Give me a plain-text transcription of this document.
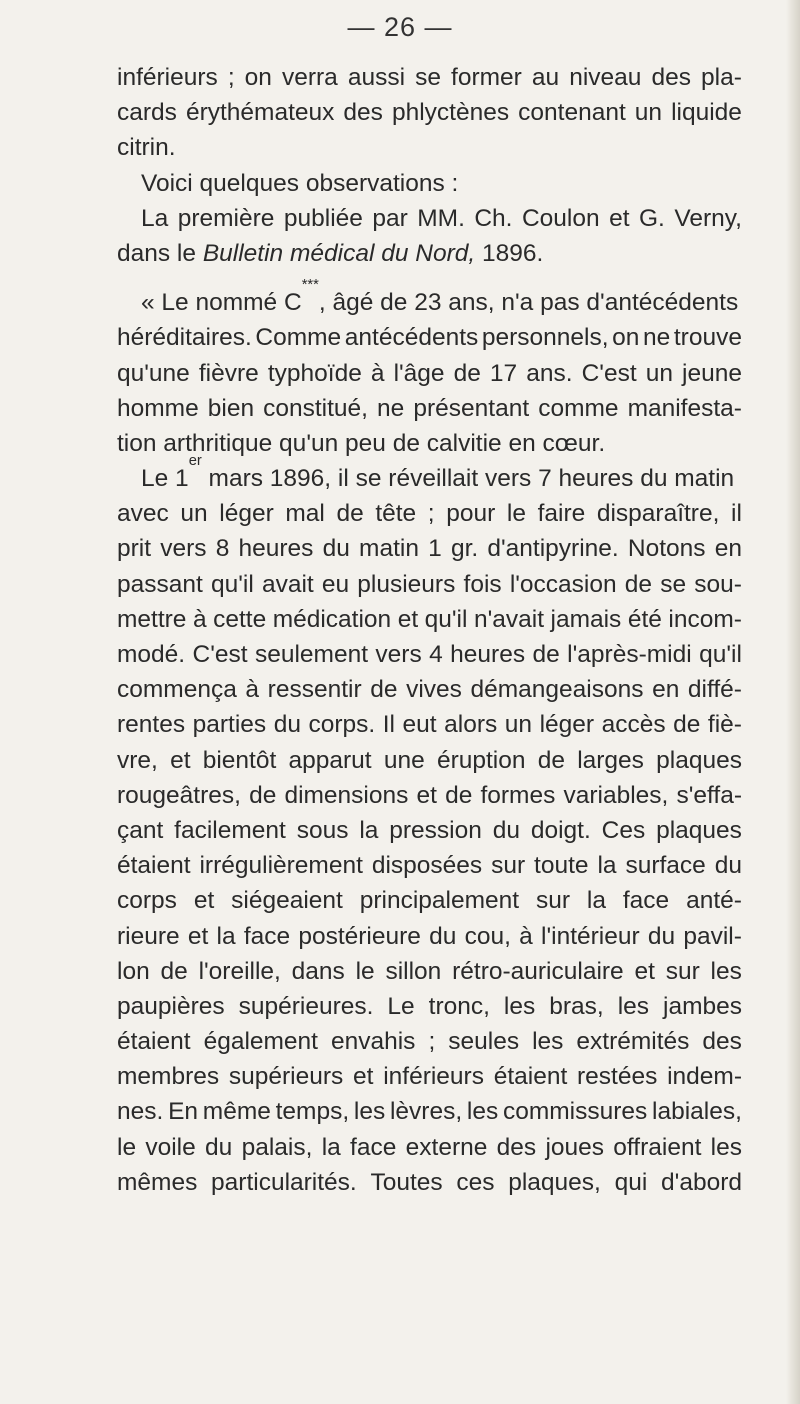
— 26 —
inférieurs ; on verra aussi se former au niveau des pla-
cards érythémateux des phlyctènes contenant un liquide
citrin.
Voici quelques observations :
La première publiée par MM. Ch. Coulon et G. Verny,
dans le Bulletin médical du Nord, 1896.
« Le nommé C
***
, âgé de 23 ans, n'a pas d'antécédents
héréditaires. Comme antécédents personnels, on ne trouve
qu'une fièvre typhoïde à l'âge de 17 ans. C'est un jeune
homme bien constitué, ne présentant comme manifesta-
tion arthritique qu'un peu de calvitie en cœur.
Le 1
er
mars 1896, il se réveillait vers 7 heures du matin
avec un léger mal de tête ; pour le faire disparaître, il
prit vers 8 heures du matin 1 gr. d'antipyrine. Notons en
passant qu'il avait eu plusieurs fois l'occasion de se sou-
mettre à cette médication et qu'il n'avait jamais été incom-
modé. C'est seulement vers 4 heures de l'après-midi qu'il
commença à ressentir de vives démangeaisons en diffé-
rentes parties du corps. Il eut alors un léger accès de fiè-
vre, et bientôt apparut une éruption de larges plaques
rougeâtres, de dimensions et de formes variables, s'effa-
çant facilement sous la pression du doigt. Ces plaques
étaient irrégulièrement disposées sur toute la surface du
corps et siégeaient principalement sur la face anté-
rieure et la face postérieure du cou, à l'intérieur du pavil-
lon de l'oreille, dans le sillon rétro-auriculaire et sur les
paupières supérieures. Le tronc, les bras, les jambes
étaient également envahis ; seules les extrémités des
membres supérieurs et inférieurs étaient restées indem-
nes. En même temps, les lèvres, les commissures labiales,
le voile du palais, la face externe des joues offraient les
mêmes particularités. Toutes ces plaques, qui d'abord
